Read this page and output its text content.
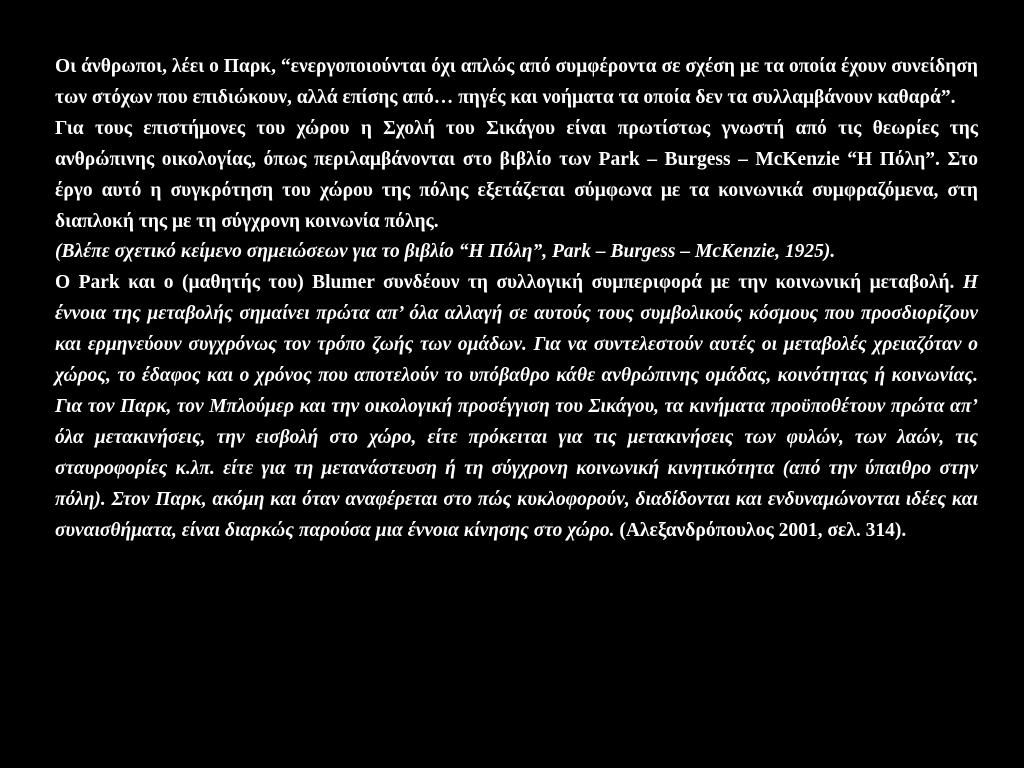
Οι άνθρωποι, λέει ο Παρκ, “ενεργοποιούνται όχι απλώς από συμφέροντα σε σχέση με τα οποία έχουν συνείδηση των στόχων που επιδιώκουν, αλλά επίσης από… πηγές και νοήματα τα οποία δεν τα συλλαμβάνουν καθαρά”.

Για τους επιστήμονες του χώρου η Σχολή του Σικάγου είναι πρωτίστως γνωστή από τις θεωρίες της ανθρώπινης οικολογίας, όπως περιλαμβάνονται στο βιβλίο των Park – Burgess – McKenzie “Η Πόλη”. Στο έργο αυτό η συγκρότηση του χώρου της πόλης εξετάζεται σύμφωνα με τα κοινωνικά συμφραζόμενα, στη διαπλοκή της με τη σύγχρονη κοινωνία πόλης.

(Βλέπε σχετικό κείμενο σημειώσεων για το βιβλίο “Η Πόλη”, Park – Burgess – McKenzie, 1925).

Ο Park και ο (μαθητής του) Blumer συνδέουν τη συλλογική συμπεριφορά με την κοινωνική μεταβολή. Η έννοια της μεταβολής σημαίνει πρώτα απ’ όλα αλλαγή σε αυτούς τους συμβολικούς κόσμους που προσδιορίζουν και ερμηνεύουν συγχρόνως τον τρόπο ζωής των ομάδων. Για να συντελεστούν αυτές οι μεταβολές χρειαζόταν ο χώρος, το έδαφος και ο χρόνος που αποτελούν το υπόβαθρο κάθε ανθρώπινης ομάδας, κοινότητας ή κοινωνίας. Για τον Παρκ, τον Μπλούμερ και την οικολογική προσέγγιση του Σικάγου, τα κινήματα προϋποθέτουν πρώτα απ’ όλα μετακινήσεις, την εισβολή στο χώρο, είτε πρόκειται για τις μετακινήσεις των φυλών, των λαών, τις σταυροφορίες κ.λπ. είτε για τη μετανάστευση ή τη σύγχρονη κοινωνική κινητικότητα (από την ύπαιθρο στην πόλη). Στον Παρκ, ακόμη και όταν αναφέρεται στο πώς κυκλοφορούν, διαδίδονται και ενδυναμώνονται ιδέες και συναισθήματα, είναι διαρκώς παρούσα μια έννοια κίνησης στο χώρο. (Αλεξανδρόπουλος 2001, σελ. 314).
